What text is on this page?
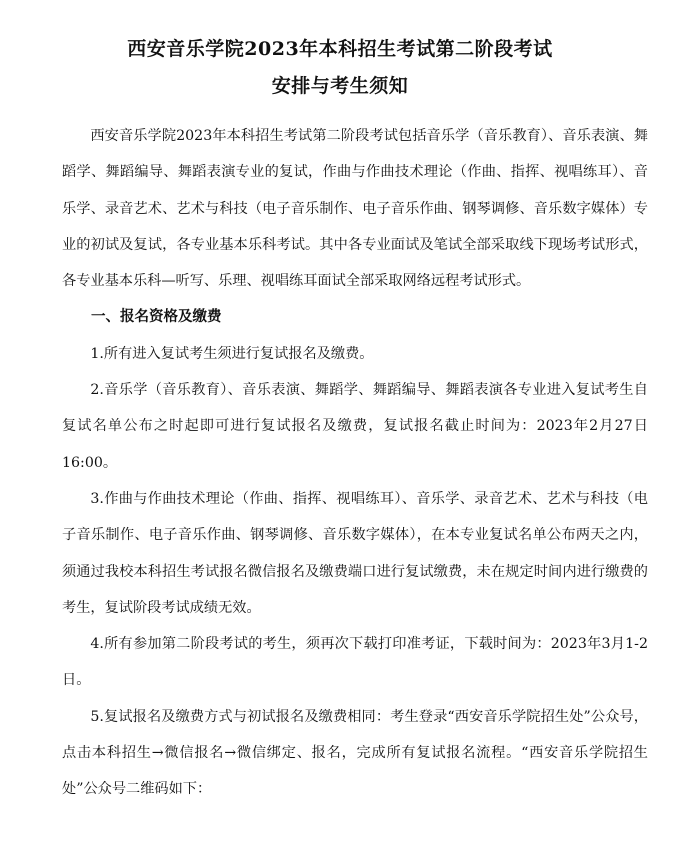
西安音乐学院2023年本科招生考试第二阶段考试
安排与考生须知

西安音乐学院2023年本科招生考试第二阶段考试包括音乐学（音乐教育）、音乐表演、舞蹈学、舞蹈编导、舞蹈表演专业的复试，作曲与作曲技术理论（作曲、指挥、视唱练耳）、音乐学、录音艺术、艺术与科技（电子音乐制作、电子音乐作曲、钢琴调修、音乐数字媒体）专业的初试及复试，各专业基本乐科考试。其中各专业面试及笔试全部采取线下现场考试形式，各专业基本乐科—听写、乐理、视唱练耳面试全部采取网络远程考试形式。

一、报名资格及缴费

1.所有进入复试考生须进行复试报名及缴费。

2.音乐学（音乐教育）、音乐表演、舞蹈学、舞蹈编导、舞蹈表演各专业进入复试考生自复试名单公布之时起即可进行复试报名及缴费，复试报名截止时间为：2023年2月27日16:00。

3.作曲与作曲技术理论（作曲、指挥、视唱练耳）、音乐学、录音艺术、艺术与科技（电子音乐制作、电子音乐作曲、钢琴调修、音乐数字媒体），在本专业复试名单公布两天之内，须通过我校本科招生考试报名微信报名及缴费端口进行复试缴费，未在规定时间内进行缴费的考生，复试阶段考试成绩无效。

4.所有参加第二阶段考试的考生，须再次下载打印准考证，下载时间为：2023年3月1-2日。

5.复试报名及缴费方式与初试报名及缴费相同：考生登录“西安音乐学院招生处”公众号，点击本科招生→微信报名→微信绑定、报名，完成所有复试报名流程。“西安音乐学院招生处”公众号二维码如下：
